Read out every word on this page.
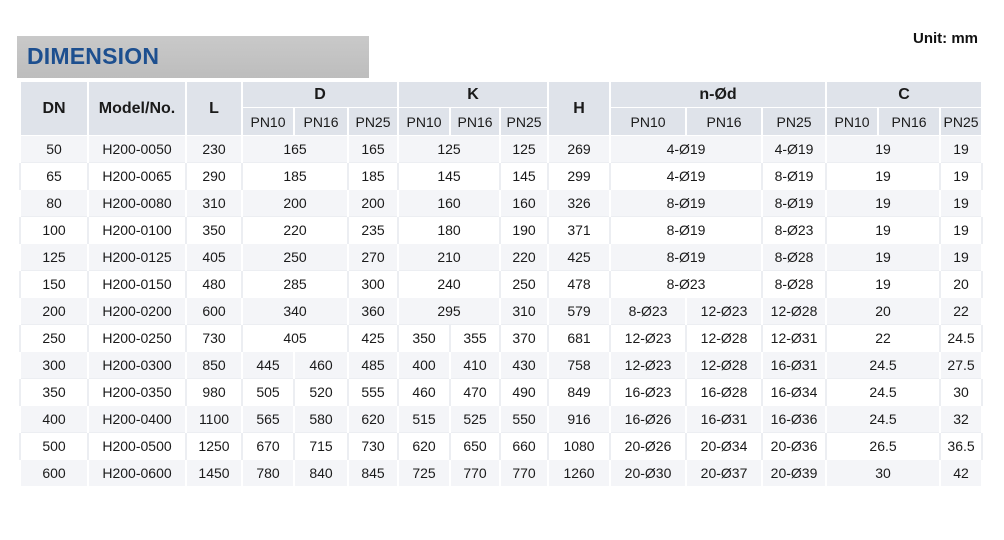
DIMENSION
Unit: mm
DN	Model/No.	L	D			K			H	n-Ød			C		
			PN10	PN16	PN25	PN10	PN16	PN25		PN10	PN16	PN25	PN10	PN16	PN25
50	H200-0050	230	165		165	125		125	269	4-Ø19		4-Ø19	19		19
65	H200-0065	290	185		185	145		145	299	4-Ø19		8-Ø19	19		19
80	H200-0080	310	200		200	160		160	326	8-Ø19		8-Ø19	19		19
100	H200-0100	350	220		235	180		190	371	8-Ø19		8-Ø23	19		19
125	H200-0125	405	250		270	210		220	425	8-Ø19		8-Ø28	19		19
150	H200-0150	480	285		300	240		250	478	8-Ø23		8-Ø28	19		20
200	H200-0200	600	340		360	295		310	579	8-Ø23	12-Ø23	12-Ø28	20		22
250	H200-0250	730	405		425	350	355	370	681	12-Ø23	12-Ø28	12-Ø31	22		24.5
300	H200-0300	850	445	460	485	400	410	430	758	12-Ø23	12-Ø28	16-Ø31	24.5		27.5
350	H200-0350	980	505	520	555	460	470	490	849	16-Ø23	16-Ø28	16-Ø34	24.5		30
400	H200-0400	1100	565	580	620	515	525	550	916	16-Ø26	16-Ø31	16-Ø36	24.5		32
500	H200-0500	1250	670	715	730	620	650	660	1080	20-Ø26	20-Ø34	20-Ø36	26.5		36.5
600	H200-0600	1450	780	840	845	725	770	770	1260	20-Ø30	20-Ø37	20-Ø39	30		42
